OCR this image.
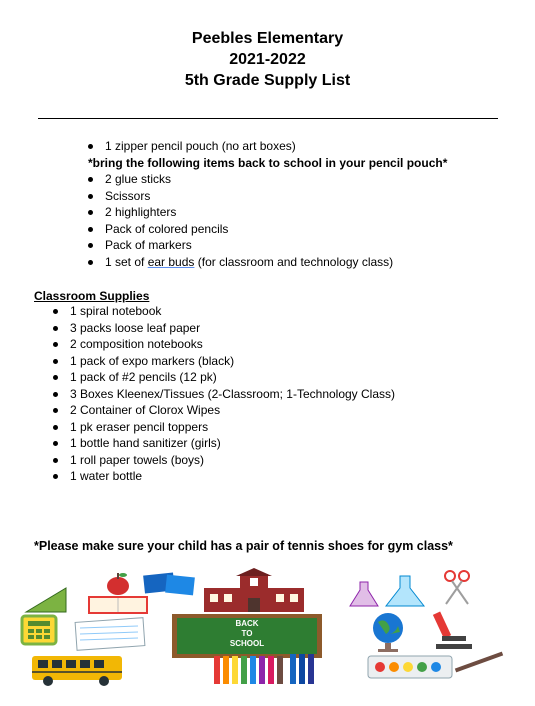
Peebles Elementary
2021-2022
5th Grade Supply List
1 zipper pencil pouch (no art boxes)
*bring the following items back to school in your pencil pouch*
2 glue sticks
Scissors
2 highlighters
Pack of colored pencils
Pack of markers
1 set of ear buds (for classroom and technology class)
Classroom Supplies
1 spiral notebook
3 packs loose leaf paper
2 composition notebooks
1 pack of expo markers (black)
1 pack of #2 pencils (12 pk)
3 Boxes Kleenex/Tissues (2-Classroom; 1-Technology Class)
2 Container of Clorox Wipes
1 pk eraser pencil toppers
1 bottle hand sanitizer (girls)
1 roll paper towels (boys)
1 water bottle
*Please make sure your child has a pair of tennis shoes for gym class*
BACK
TO
SCHOOL
